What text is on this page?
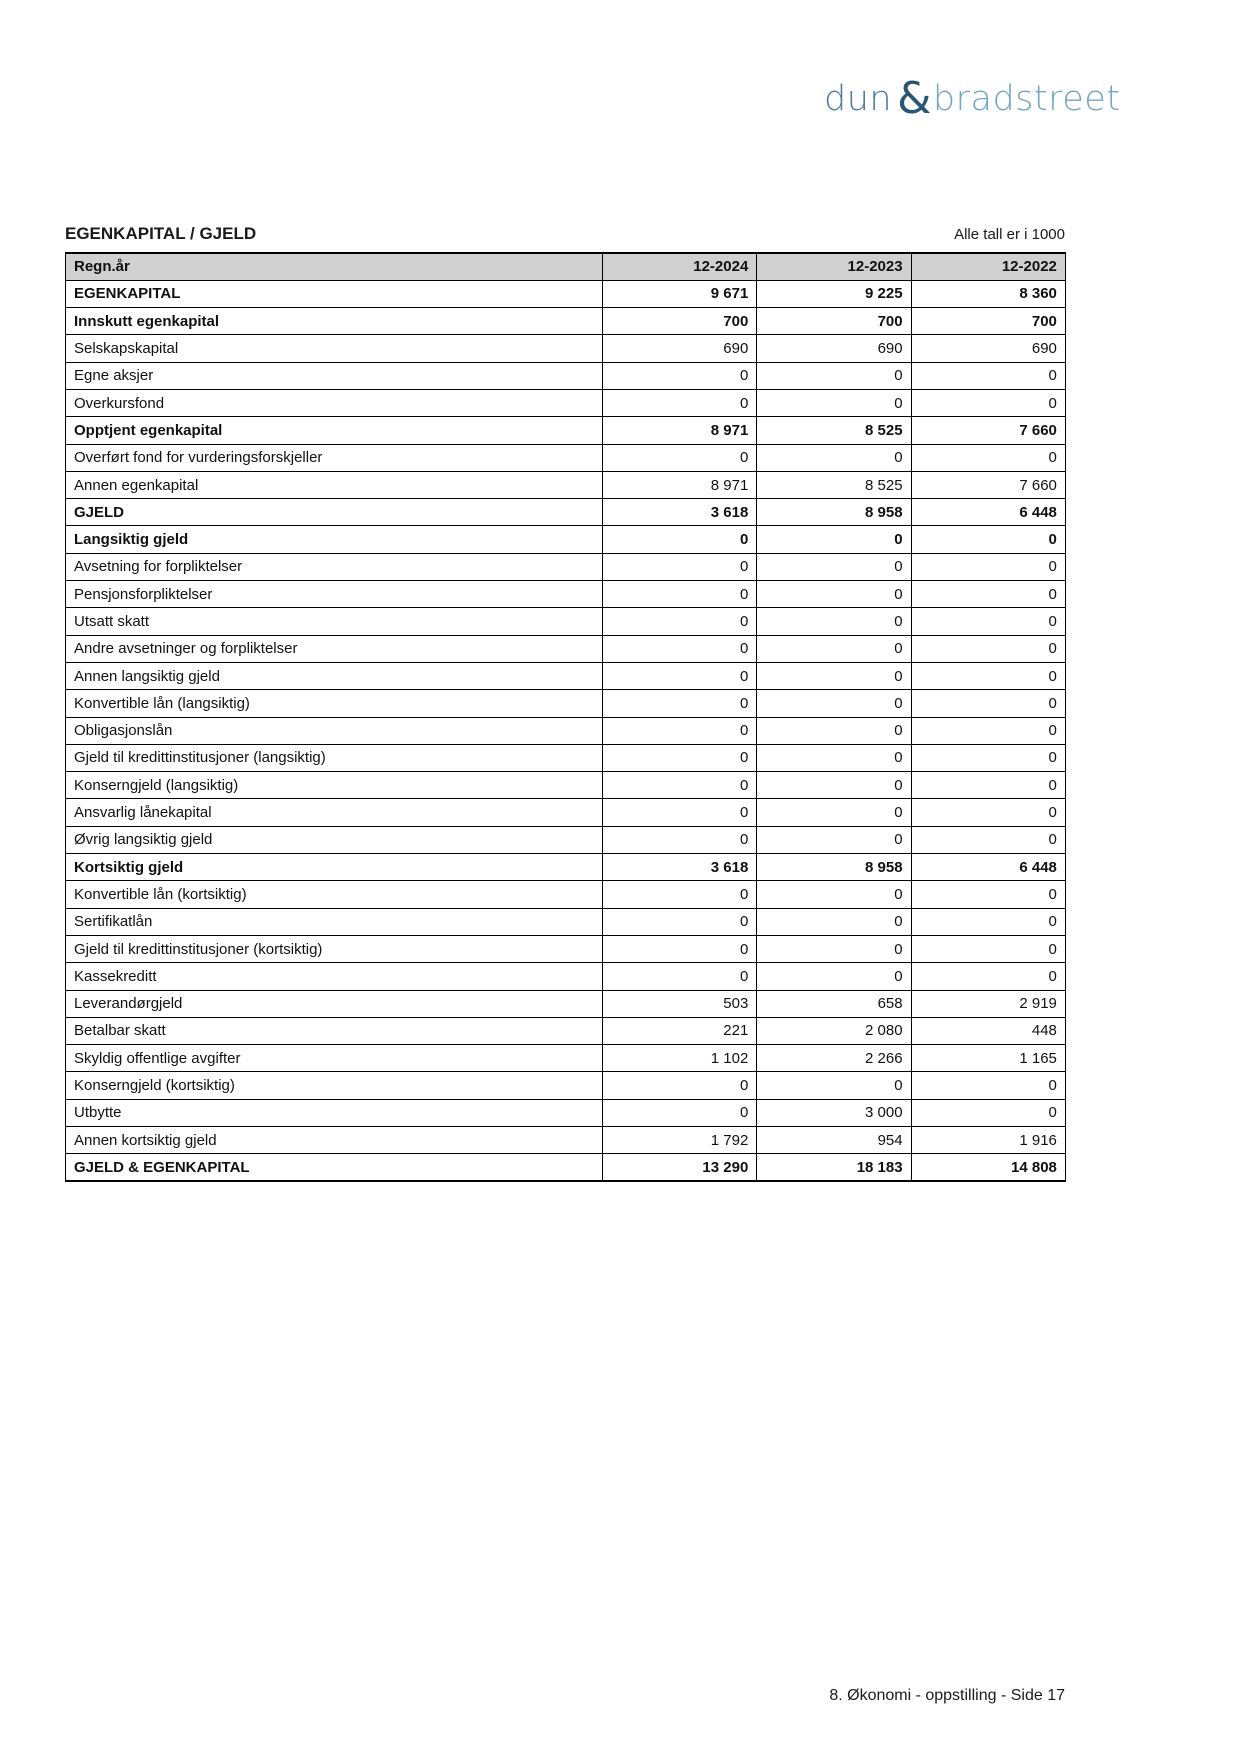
dun & bradstreet
EGENKAPITAL / GJELD	Alle tall er i 1000
Regn.år	12-2024	12-2023	12-2022
EGENKAPITAL	9 671	9 225	8 360
Innskutt egenkapital	700	700	700
Selskapskapital	690	690	690
Egne aksjer	0	0	0
Overkursfond	0	0	0
Opptjent egenkapital	8 971	8 525	7 660
Overført fond for vurderingsforskjeller	0	0	0
Annen egenkapital	8 971	8 525	7 660
GJELD	3 618	8 958	6 448
Langsiktig gjeld	0	0	0
Avsetning for forpliktelser	0	0	0
Pensjonsforpliktelser	0	0	0
Utsatt skatt	0	0	0
Andre avsetninger og forpliktelser	0	0	0
Annen langsiktig gjeld	0	0	0
Konvertible lån (langsiktig)	0	0	0
Obligasjonslån	0	0	0
Gjeld til kredittinstitusjoner (langsiktig)	0	0	0
Konserngjeld (langsiktig)	0	0	0
Ansvarlig lånekapital	0	0	0
Øvrig langsiktig gjeld	0	0	0
Kortsiktig gjeld	3 618	8 958	6 448
Konvertible lån (kortsiktig)	0	0	0
Sertifikatlån	0	0	0
Gjeld til kredittinstitusjoner (kortsiktig)	0	0	0
Kassekreditt	0	0	0
Leverandørgjeld	503	658	2 919
Betalbar skatt	221	2 080	448
Skyldig offentlige avgifter	1 102	2 266	1 165
Konserngjeld (kortsiktig)	0	0	0
Utbytte	0	3 000	0
Annen kortsiktig gjeld	1 792	954	1 916
GJELD & EGENKAPITAL	13 290	18 183	14 808
8. Økonomi - oppstilling - Side 17
